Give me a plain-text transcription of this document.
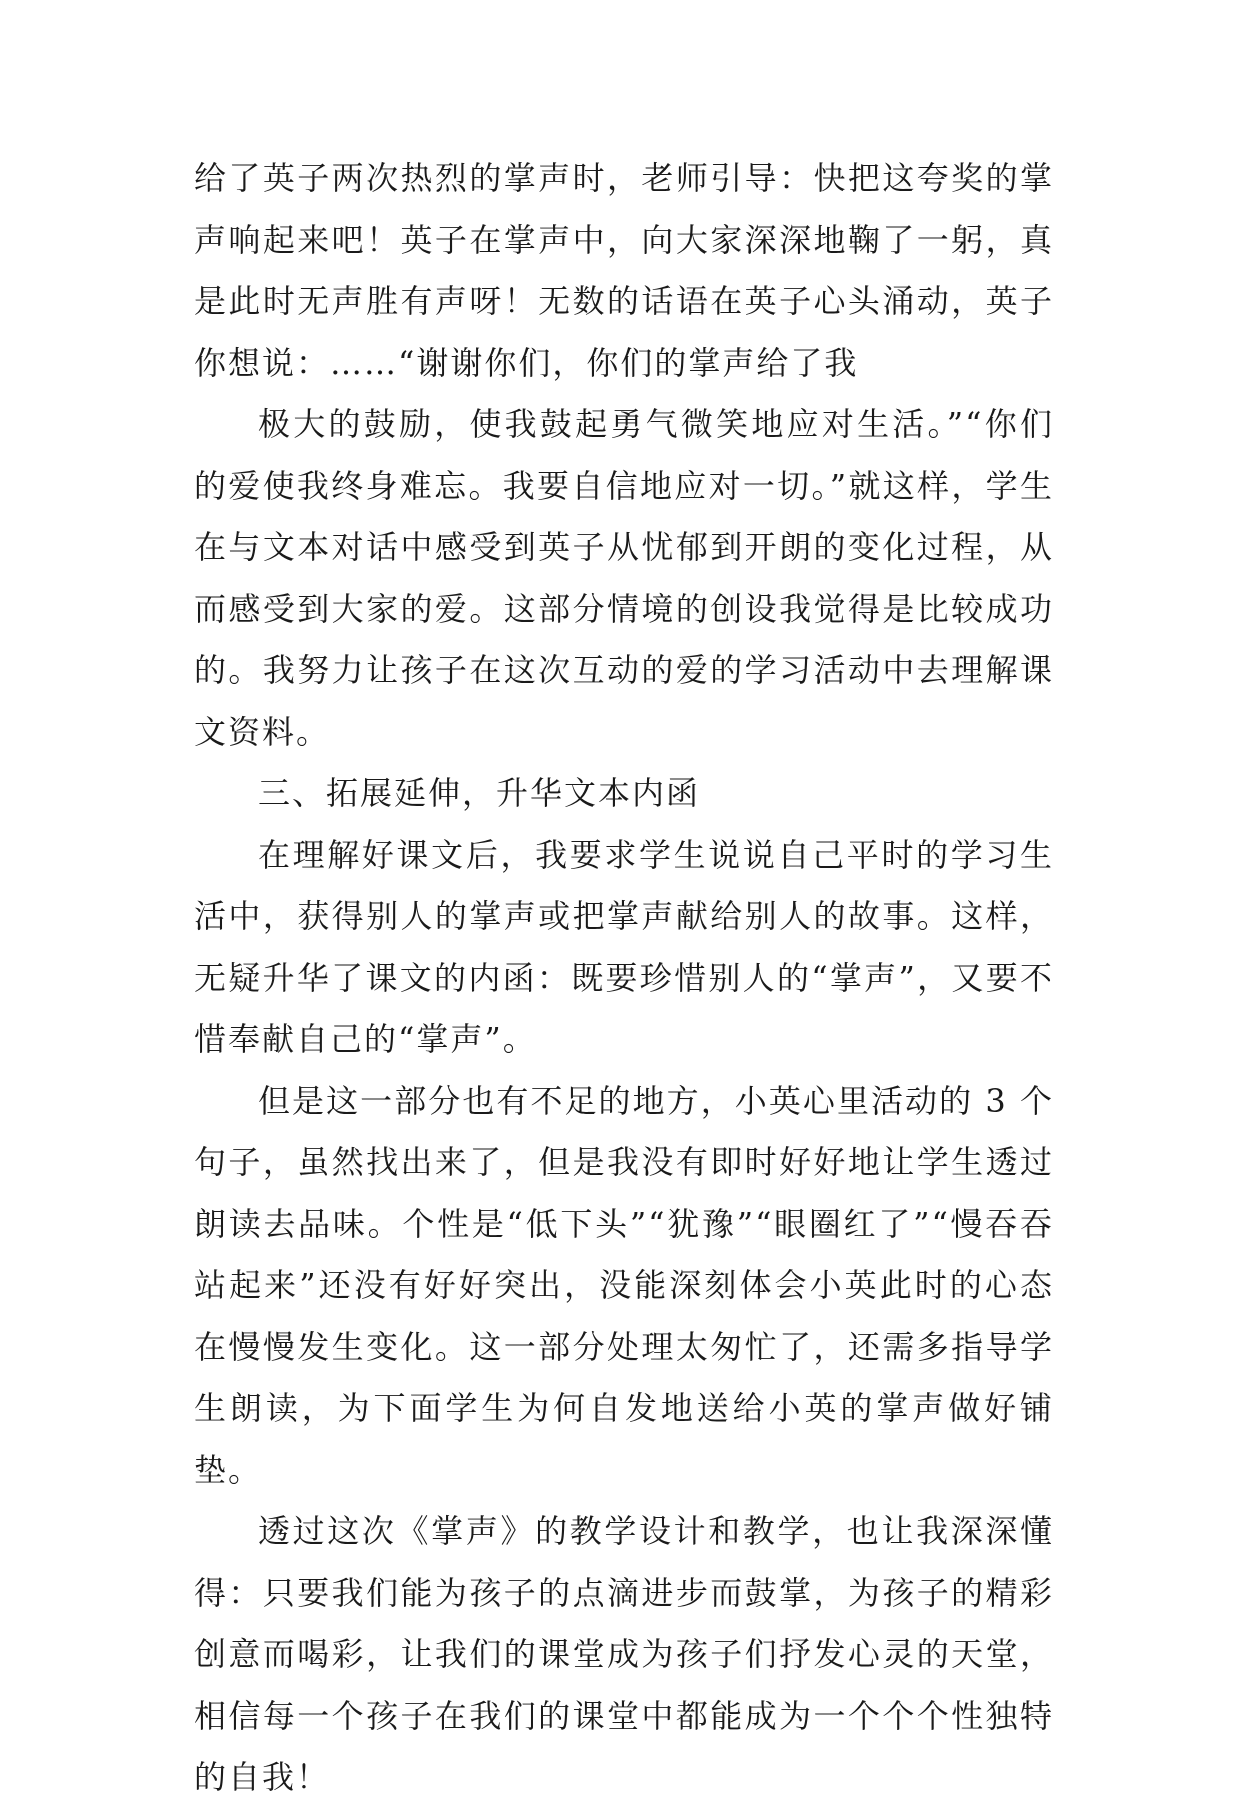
给了英子两次热烈的掌声时，老师引导：快把这夸奖的掌声响起来吧！英子在掌声中，向大家深深地鞠了一躬，真是此时无声胜有声呀！无数的话语在英子心头涌动，英子你想说：……“谢谢你们，你们的掌声给了我

极大的鼓励，使我鼓起勇气微笑地应对生活。”“你们的爱使我终身难忘。我要自信地应对一切。”就这样，学生在与文本对话中感受到英子从忧郁到开朗的变化过程，从而感受到大家的爱。这部分情境的创设我觉得是比较成功的。我努力让孩子在这次互动的爱的学习活动中去理解课文资料。

三、拓展延伸，升华文本内函

在理解好课文后，我要求学生说说自己平时的学习生活中，获得别人的掌声或把掌声献给别人的故事。这样，无疑升华了课文的内函：既要珍惜别人的“掌声”，又要不惜奉献自己的“掌声”。

但是这一部分也有不足的地方，小英心里活动的 3 个句子，虽然找出来了，但是我没有即时好好地让学生透过朗读去品味。个性是“低下头”“犹豫”“眼圈红了”“慢吞吞站起来”还没有好好突出，没能深刻体会小英此时的心态在慢慢发生变化。这一部分处理太匆忙了，还需多指导学生朗读，为下面学生为何自发地送给小英的掌声做好铺垫。

透过这次《掌声》的教学设计和教学，也让我深深懂得：只要我们能为孩子的点滴进步而鼓掌，为孩子的精彩创意而喝彩，让我们的课堂成为孩子们抒发心灵的天堂，相信每一个孩子在我们的课堂中都能成为一个个个性独特的自我！
